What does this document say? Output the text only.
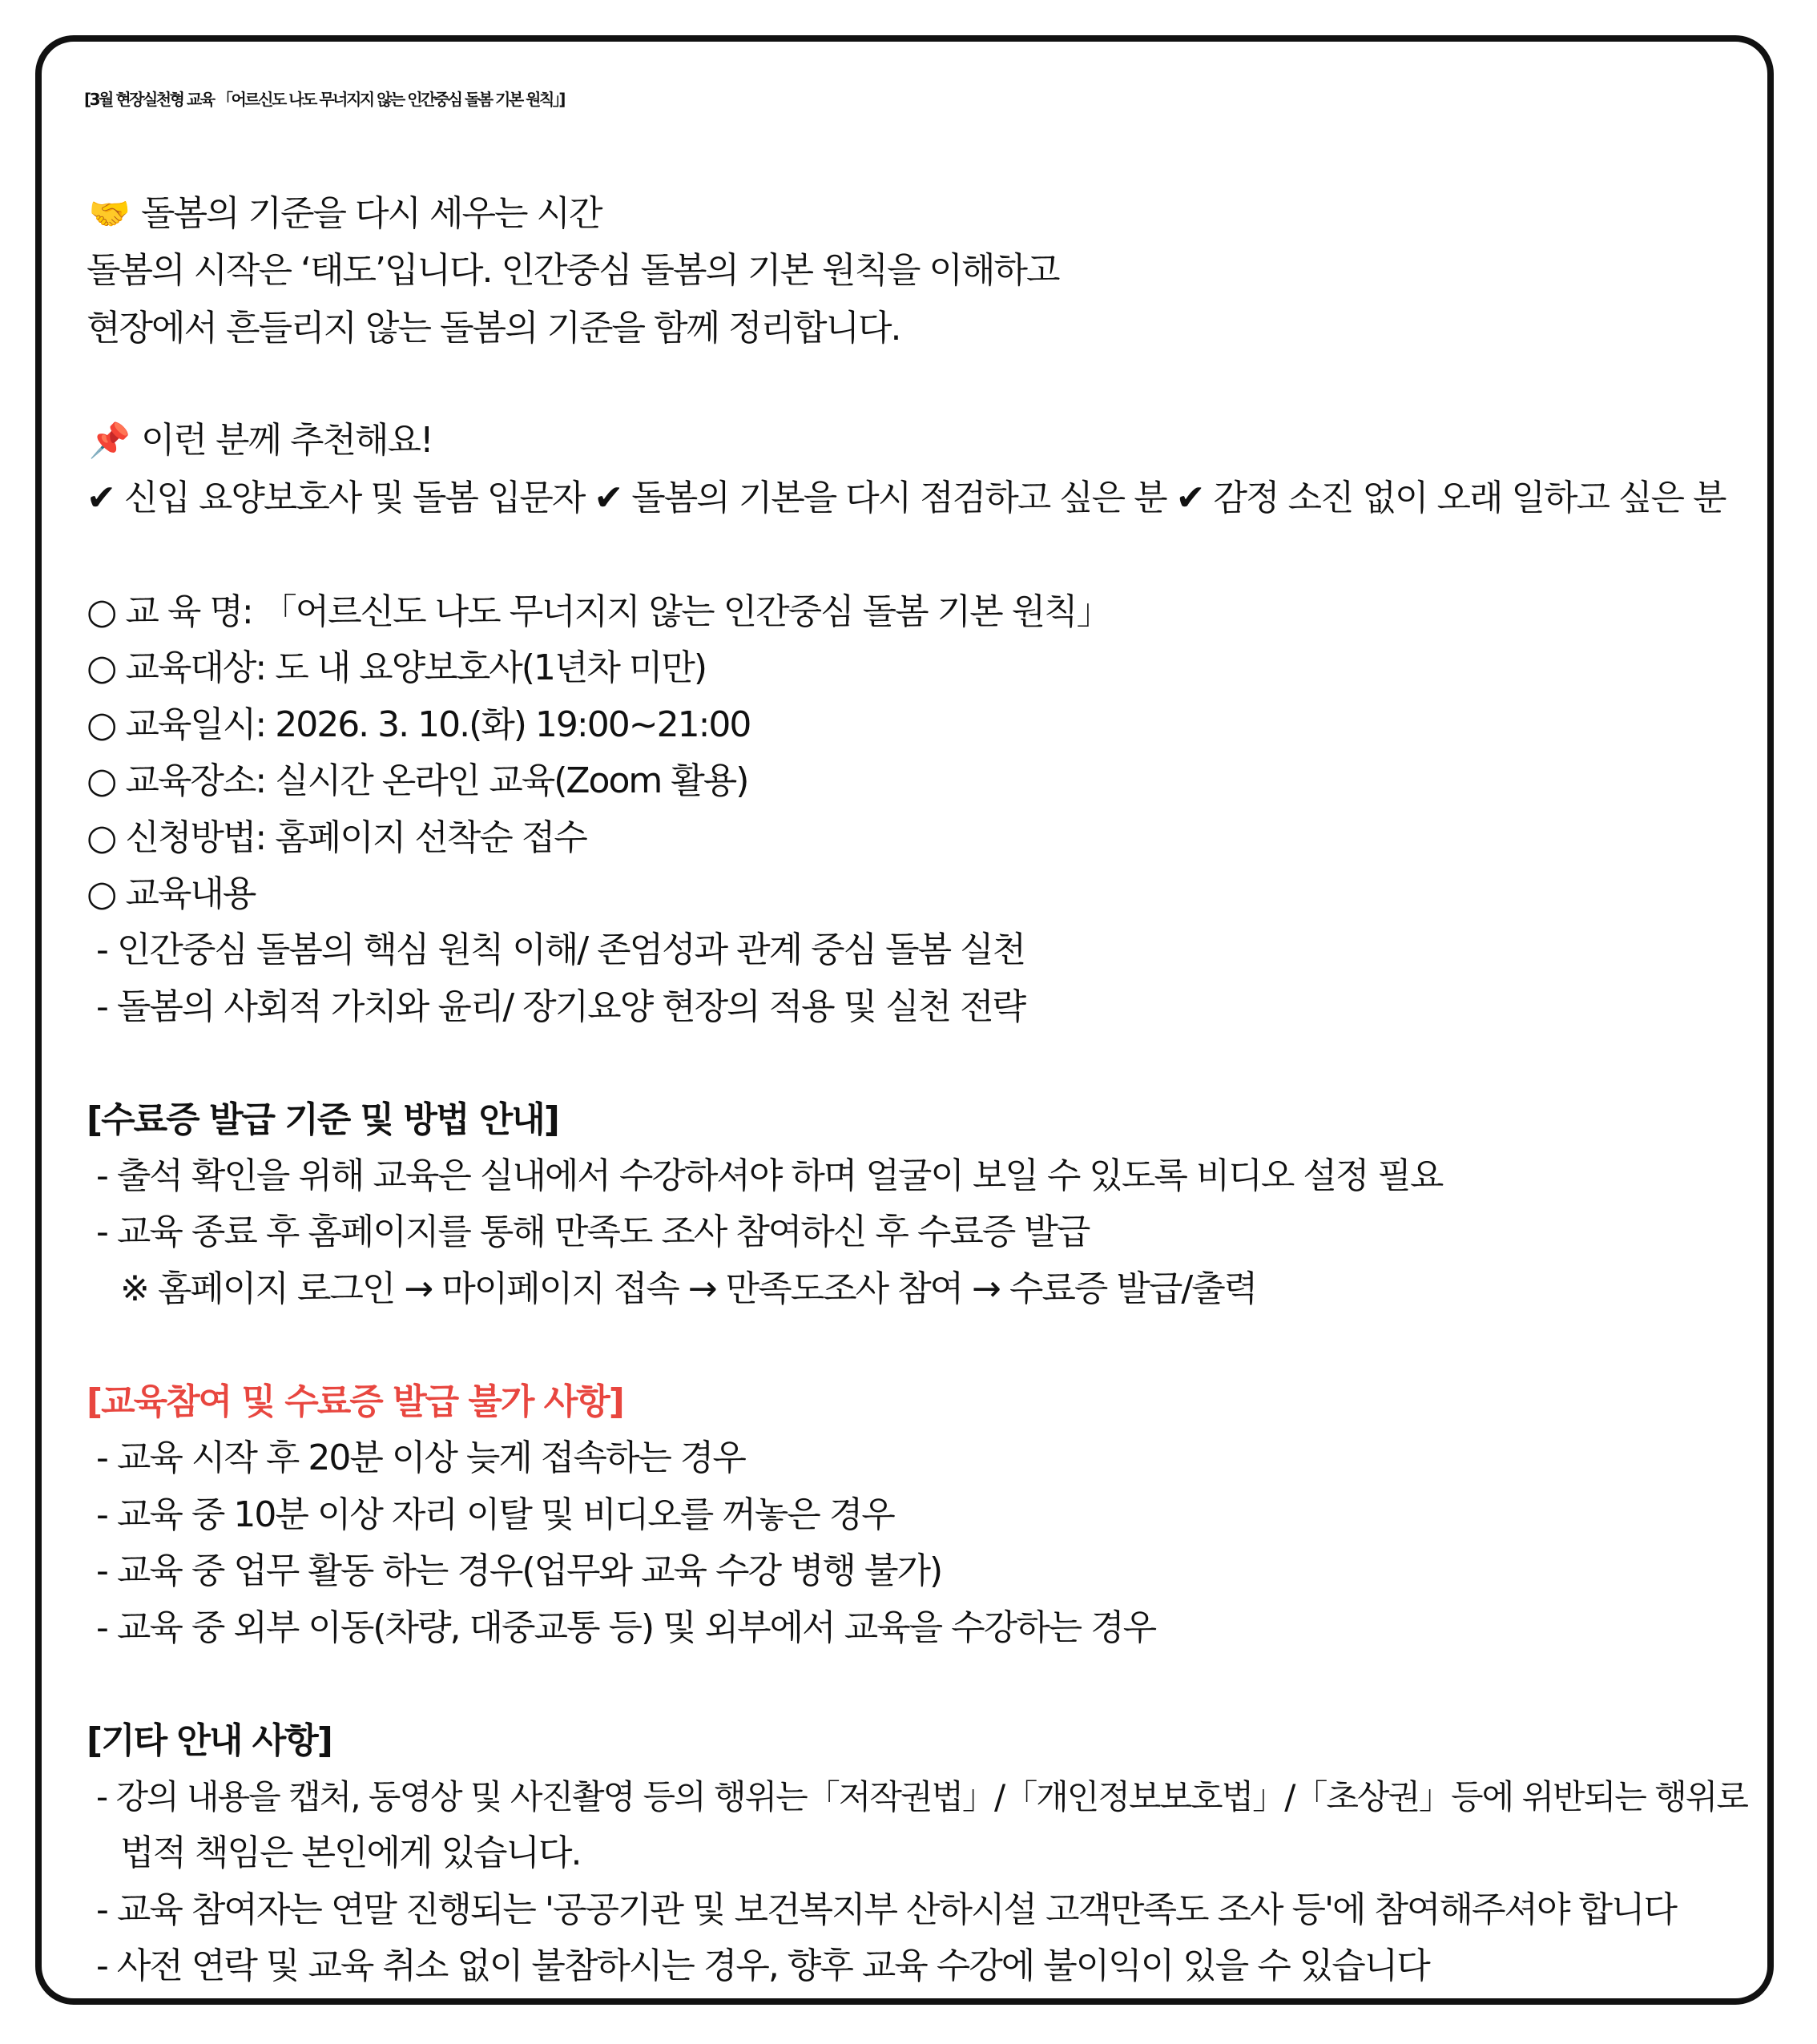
[3월 현장실천형 교육 「어르신도 나도 무너지지 않는 인간중심 돌봄 기본 원칙」]
🤝 돌봄의 기준을 다시 세우는 시간
돌봄의 시작은 ‘태도’입니다. 인간중심 돌봄의 기본 원칙을 이해하고
현장에서 흔들리지 않는 돌봄의 기준을 함께 정리합니다.
📌 이런 분께 추천해요!
✔ 신입 요양보호사 및 돌봄 입문자 ✔ 돌봄의 기본을 다시 점검하고 싶은 분 ✔ 감정 소진 없이 오래 일하고 싶은 분
○ 교 육 명: 「어르신도 나도 무너지지 않는 인간중심 돌봄 기본 원칙」
○ 교육대상: 도 내 요양보호사(1년차 미만)
○ 교육일시: 2026. 3. 10.(화) 19:00~21:00
○ 교육장소: 실시간 온라인 교육(Zoom 활용)
○ 신청방법: 홈페이지 선착순 접수
○ 교육내용
- 인간중심 돌봄의 핵심 원칙 이해/ 존엄성과 관계 중심 돌봄 실천
- 돌봄의 사회적 가치와 윤리/ 장기요양 현장의 적용 및 실천 전략
[수료증 발급 기준 및 방법 안내]
- 출석 확인을 위해 교육은 실내에서 수강하셔야 하며 얼굴이 보일 수 있도록 비디오 설정 필요
- 교육 종료 후 홈페이지를 통해 만족도 조사 참여하신 후 수료증 발급
※ 홈페이지 로그인 → 마이페이지 접속 → 만족도조사 참여 → 수료증 발급/출력
[교육참여 및 수료증 발급 불가 사항]
- 교육 시작 후 20분 이상 늦게 접속하는 경우
- 교육 중 10분 이상 자리 이탈 및 비디오를 꺼놓은 경우
- 교육 중 업무 활동 하는 경우(업무와 교육 수강 병행 불가)
- 교육 중 외부 이동(차량, 대중교통 등) 및 외부에서 교육을 수강하는 경우
[기타 안내 사항]
- 강의 내용을 캡처, 동영상 및 사진촬영 등의 행위는「저작권법」/「개인정보보호법」/「초상권」등에 위반되는 행위로
법적 책임은 본인에게 있습니다.
- 교육 참여자는 연말 진행되는 '공공기관 및 보건복지부 산하시설 고객만족도 조사 등'에 참여해주셔야 합니다
- 사전 연락 및 교육 취소 없이 불참하시는 경우, 향후 교육 수강에 불이익이 있을 수 있습니다
